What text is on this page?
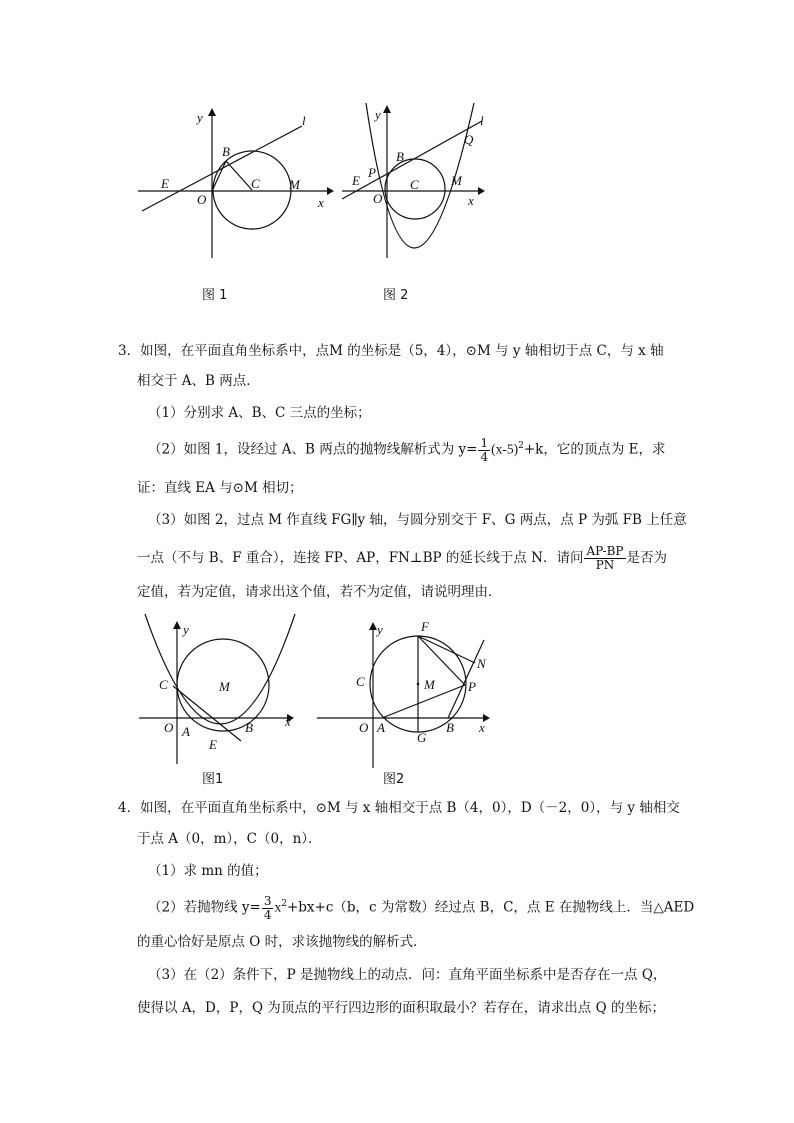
y
x
l
B
C
E
O
M
图 1
y
x
l
Q
B
P
E
O
C M
图 2
3．如图，在平面直角坐标系中，点M 的坐标是（5，4），⊙M 与 y 轴相切于点 C，与 x 轴
相交于 A、B 两点．
（1）分别求 A、B、C 三点的坐标；
（2）如图 1，设经过 A、B 两点的抛物线解析式为 $y= \frac{1}{4} (x-5)^2+k$，它的顶点为 E，求
证：直线 EA 与⊙M 相切；
（3）如图 2，过点 M 作直线 FG∥y 轴，与圆分别交于 F、G 两点，点 P 为弧 FB 上任意
一点（不与 B、F 重合），连接 FP、AP，FN⊥BP 的延长线于点 N．请问 $\frac{AP-BP}{PN}$ 是否为
定值，若为定值，请求出这个值，若不为定值，请说明理由．
y
x
C	M
O A	B
E
图1
y
x
F
N
C	M	P
O A
G
B
图2
4．如图，在平面直角坐标系中，⊙M 与 x 轴相交于点 B（4，0），D（－2，0），与 y 轴相交
于点 A（0，m），C（0，n）．
（1）求 mn 的值；
（2）若抛物线 $y= \frac{3}{4} x^2+bx+c(b$，c 为常数）经过点 B，C，点 E 在抛物线上．当△AED
的重心恰好是原点 O 时，求该抛物线的解析式．
（3）在（2）条件下，P 是抛物线上的动点．问：直角平面坐标系中是否存在一点 Q，
使得以 A，D，P，Q 为顶点的平行四边形的面积取最小？若存在，请求出点 Q 的坐标；
